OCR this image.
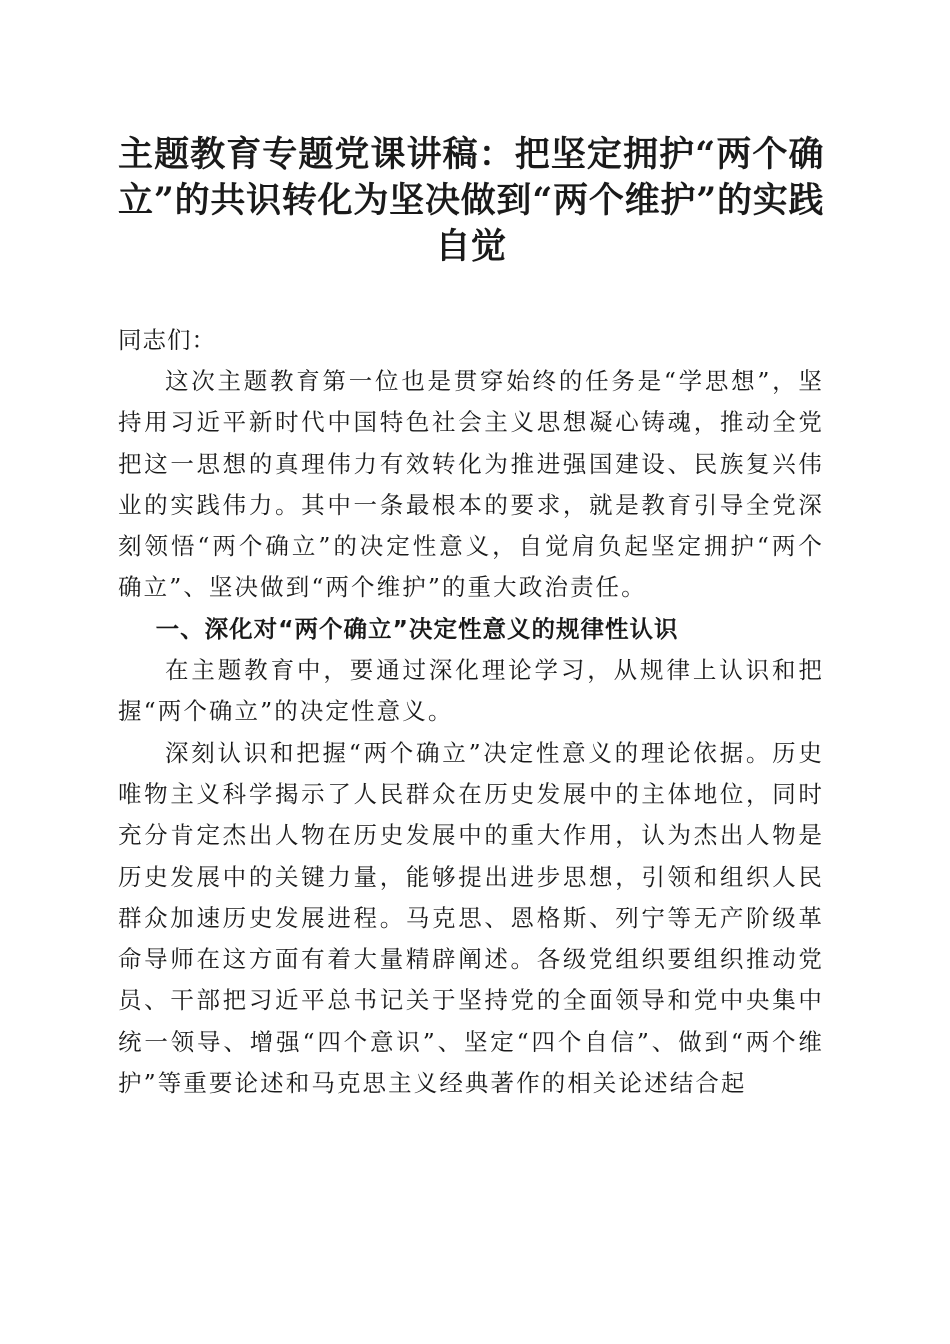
主题教育专题党课讲稿：把坚定拥护“两个确立”的共识转化为坚决做到“两个维护”的实践自觉

同志们：

这次主题教育第一位也是贯穿始终的任务是“学思想”，坚持用习近平新时代中国特色社会主义思想凝心铸魂，推动全党把这一思想的真理伟力有效转化为推进强国建设、民族复兴伟业的实践伟力。其中一条最根本的要求，就是教育引导全党深刻领悟“两个确立”的决定性意义，自觉肩负起坚定拥护“两个确立”、坚决做到“两个维护”的重大政治责任。

一、深化对“两个确立”决定性意义的规律性认识

在主题教育中，要通过深化理论学习，从规律上认识和把握“两个确立”的决定性意义。

深刻认识和把握“两个确立”决定性意义的理论依据。历史唯物主义科学揭示了人民群众在历史发展中的主体地位，同时充分肯定杰出人物在历史发展中的重大作用，认为杰出人物是历史发展中的关键力量，能够提出进步思想，引领和组织人民群众加速历史发展进程。马克思、恩格斯、列宁等无产阶级革命导师在这方面有着大量精辟阐述。各级党组织要组织推动党员、干部把习近平总书记关于坚持党的全面领导和党中央集中统一领导、增强“四个意识”、坚定“四个自信”、做到“两个维护”等重要论述和马克思主义经典著作的相关论述结合起
